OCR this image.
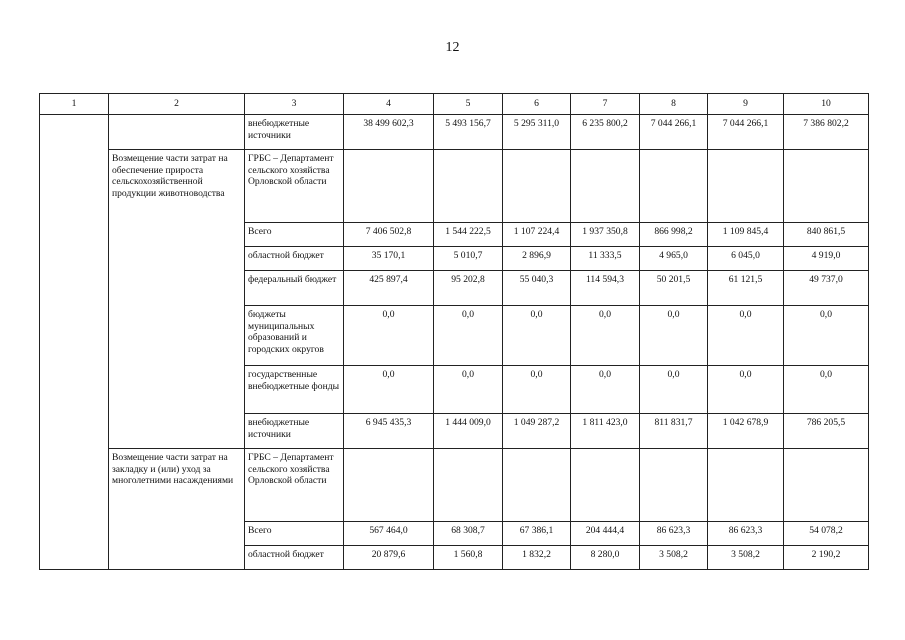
12
1	2	3	4	5	6	7	8	9	10
		внебюджетные источники	38 499 602,3	5 493 156,7	5 295 311,0	6 235 800,2	7 044 266,1	7 044 266,1	7 386 802,2
	Возмещение части затрат на обеспечение прироста сельскохозяйственной продукции животноводства	ГРБС – Департамент сельского хозяйства Орловской области							
		Всего	7 406 502,8	1 544 222,5	1 107 224,4	1 937 350,8	866 998,2	1 109 845,4	840 861,5
		областной бюджет	35 170,1	5 010,7	2 896,9	11 333,5	4 965,0	6 045,0	4 919,0
		федеральный бюджет	425 897,4	95 202,8	55 040,3	114 594,3	50 201,5	61 121,5	49 737,0
		бюджеты муниципальных образований и городских округов	0,0	0,0	0,0	0,0	0,0	0,0	0,0
		государственные внебюджетные фонды	0,0	0,0	0,0	0,0	0,0	0,0	0,0
		внебюджетные источники	6 945 435,3	1 444 009,0	1 049 287,2	1 811 423,0	811 831,7	1 042 678,9	786 205,5
	Возмещение части затрат на закладку и (или) уход за многолетними насаждениями	ГРБС – Департамент сельского хозяйства Орловской области							
		Всего	567 464,0	68 308,7	67 386,1	204 444,4	86 623,3	86 623,3	54 078,2
		областной бюджет	20 879,6	1 560,8	1 832,2	8 280,0	3 508,2	3 508,2	2 190,2
